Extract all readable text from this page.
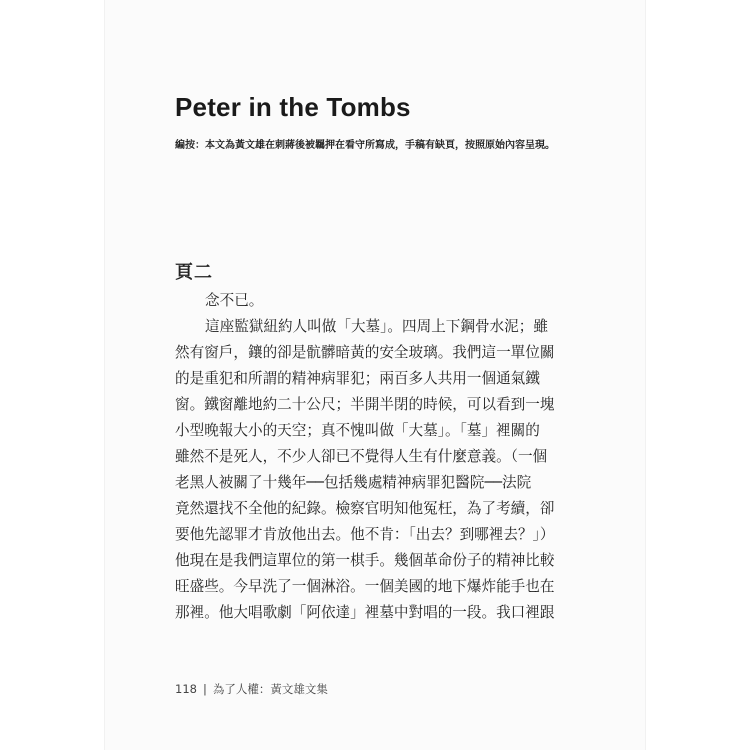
Peter in the Tombs

編按：本文為黃文雄在刺蔣後被羈押在看守所寫成，手稿有缺頁，按照原始內容呈現。

頁二
念不已。
這座監獄紐約人叫做「大墓」。四周上下鋼骨水泥；雖
然有窗戶，鑲的卻是骯髒暗黃的安全玻璃。我們這一單位關
的是重犯和所謂的精神病罪犯；兩百多人共用一個通氣鐵
窗。鐵窗離地約二十公尺；半開半閉的時候，可以看到一塊
小型晚報大小的天空；真不愧叫做「大墓」。「墓」裡關的
雖然不是死人，不少人卻已不覺得人生有什麼意義。（一個
老黑人被關了十幾年──包括幾處精神病罪犯醫院──法院
竟然還找不全他的紀錄。檢察官明知他冤枉，為了考續，卻
要他先認罪才肯放他出去。他不肯：「出去？到哪裡去？」）
他現在是我們這單位的第一棋手。幾個革命份子的精神比較
旺盛些。今早洗了一個淋浴。一個美國的地下爆炸能手也在
那裡。他大唱歌劇「阿依達」裡墓中對唱的一段。我口裡跟
118 | 為了人權：黃文雄文集
